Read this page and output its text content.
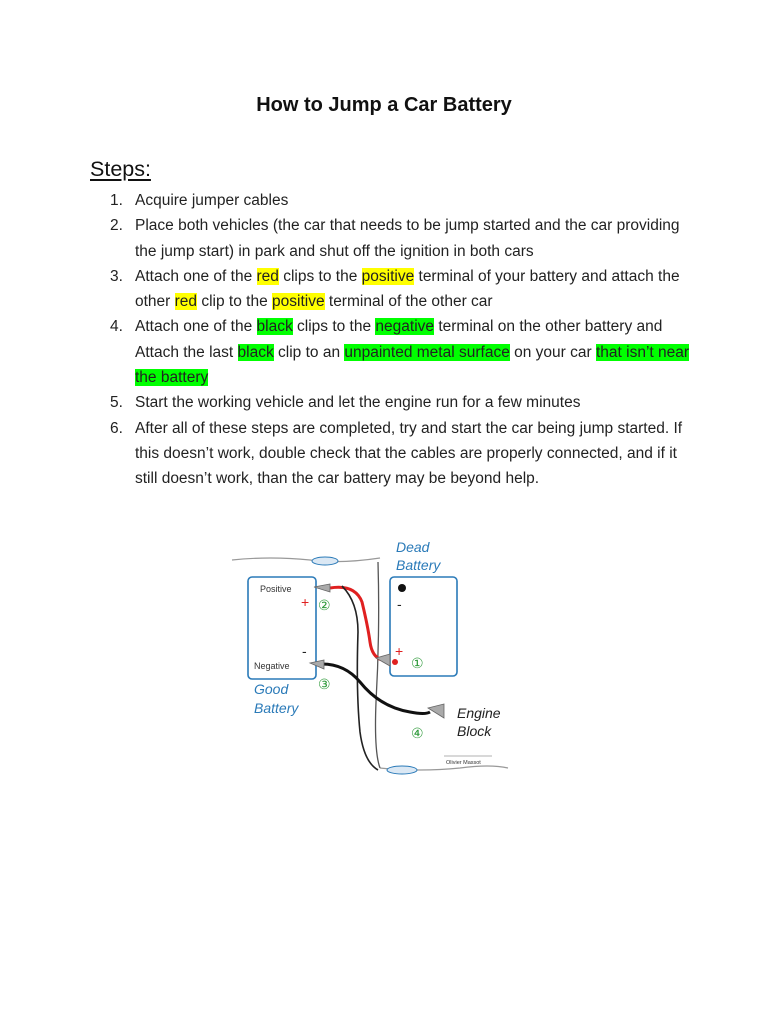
How to Jump a Car Battery
Steps:
1. Acquire jumper cables
2. Place both vehicles (the car that needs to be jump started and the car providing the jump start) in park and shut off the ignition in both cars
3. Attach one of the red clips to the positive terminal of your battery and attach the other red clip to the positive terminal of the other car
4. Attach one of the black clips to the negative terminal on the other battery and Attach the last black clip to an unpainted metal surface on your car that isn’t near the battery
5. Start the working vehicle and let the engine run for a few minutes
6. After all of these steps are completed, try and start the car being jump started. If this doesn’t work, double check that the cables are properly connected, and if it still doesn’t work, than the car battery may be beyond help.
Positive
+
-
Negative
Good
Battery
Dead
Battery
-
+
①
②
③
④
Engine
Block
Olivier Massot
